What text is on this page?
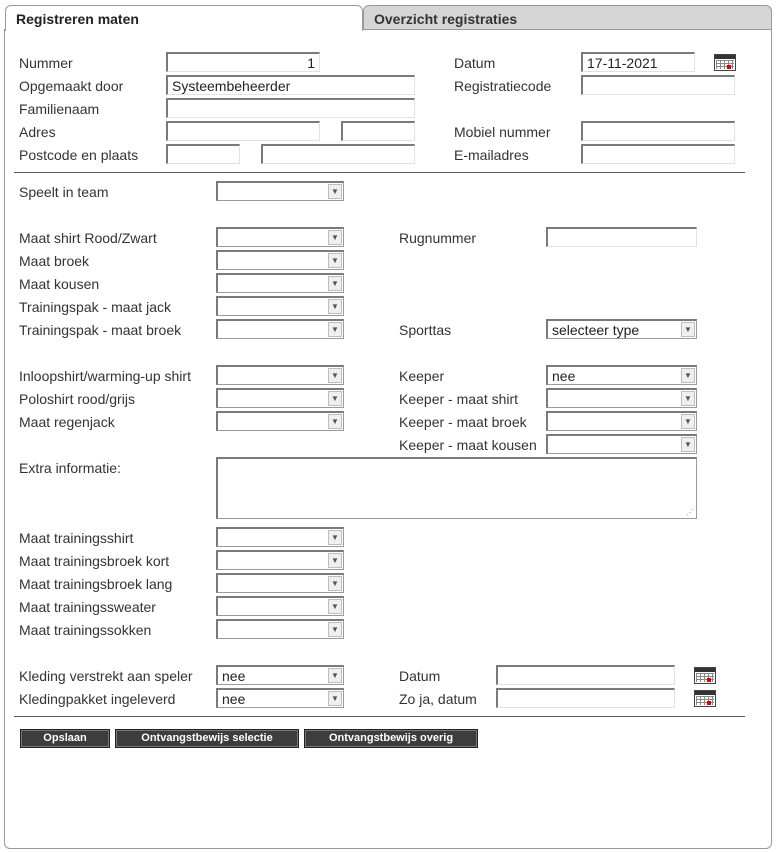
Registreren maten	Overzicht registraties
Nummer	1
Opgemaakt door	Systeembeheerder
Familienaam
Adres
Postcode en plaats
Datum	17-11-2021
Registratiecode
Mobiel nummer
E-mailadres
Speelt in team	▼
Maat shirt Rood/Zwart	▼
Maat broek	▼
Maat kousen	▼
Trainingspak - maat jack	▼
Trainingspak - maat broek	▼
Rugnummer
Sporttas	selecteer type	▼
Inloopshirt/warming-up shirt	▼
Poloshirt rood/grijs	▼
Maat regenjack	▼
Keeper	nee	▼
Keeper - maat shirt	▼
Keeper - maat broek	▼
Keeper - maat kousen	▼
Extra informatie:
⋰
Maat trainingsshirt	▼
Maat trainingsbroek kort	▼
Maat trainingsbroek lang	▼
Maat trainingssweater	▼
Maat trainingssokken	▼
Kleding verstrekt aan speler nee	▼
Kledingpakket ingeleverd	nee	▼
Datum
Zo ja, datum
Opslaan	Ontvangstbewijs selectie	Ontvangstbewijs overig
